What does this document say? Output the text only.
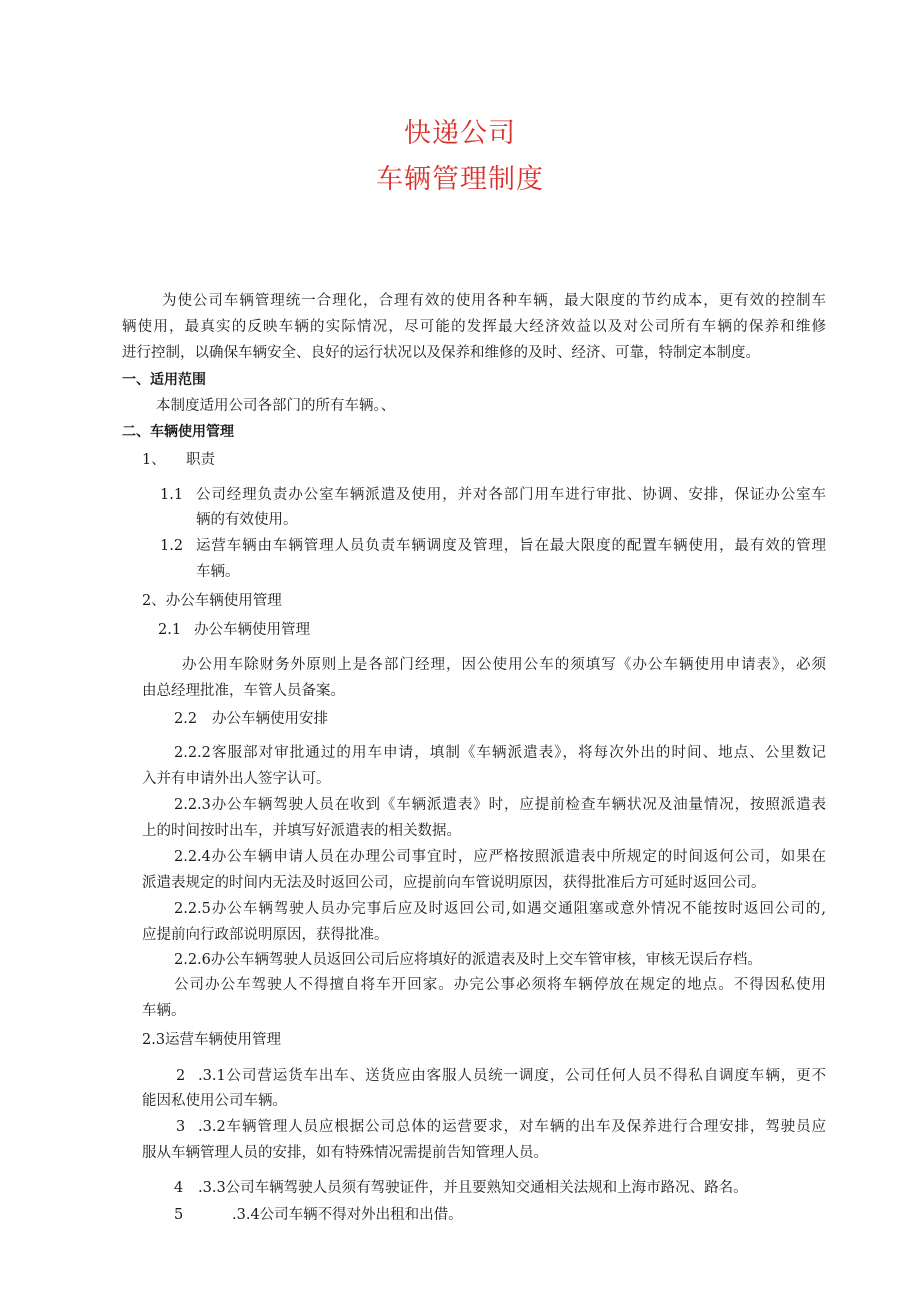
快递公司
车辆管理制度
为使公司车辆管理统一合理化，合理有效的使用各种车辆，最大限度的节约成本，更有效的控制车
辆使用，最真实的反映车辆的实际情况，尽可能的发挥最大经济效益以及对公司所有车辆的保养和维修
进行控制，以确保车辆安全、良好的运行状况以及保养和维修的及时、经济、可靠，特制定本制度。
一、适用范围
本制度适用公司各部门的所有车辆。、
二、车辆使用管理
1、 职责
1.1 公司经理负责办公室车辆派遣及使用，并对各部门用车进行审批、协调、安排，保证办公室车
辆的有效使用。
1.2 运营车辆由车辆管理人员负责车辆调度及管理，旨在最大限度的配置车辆使用，最有效的管理
车辆。
2、办公车辆使用管理
2.1 办公车辆使用管理
办公用车除财务外原则上是各部门经理，因公使用公车的须填写《办公车辆使用申请表》，必须
由总经理批准，车管人员备案。
2.2 办公车辆使用安排
2.2.2客服部对审批通过的用车申请，填制《车辆派遣表》，将每次外出的时间、地点、公里数记
入并有申请外出人签字认可。
2.2.3办公车辆驾驶人员在收到《车辆派遣表》时，应提前检查车辆状况及油量情况，按照派遣表
上的时间按时出车，并填写好派遣表的相关数据。
2.2.4办公车辆申请人员在办理公司事宜时，应严格按照派遣表中所规定的时间返何公司，如果在
派遣表规定的时间内无法及时返回公司，应提前向车管说明原因，获得批准后方可延时返回公司。
2.2.5办公车辆驾驶人员办完事后应及时返回公司,如遇交通阻塞或意外情况不能按时返回公司的,
应提前向行政部说明原因，获得批准。
2.2.6办公车辆驾驶人员返回公司后应将填好的派遣表及时上交车管审核，审核无误后存档。
公司办公车驾驶人不得擅自将车开回家。办完公事必须将车辆停放在规定的地点。不得因私使用
车辆。
2.3运营车辆使用管理
2 .3.1公司营运货车出车、送货应由客服人员统一调度，公司任何人员不得私自调度车辆，更不
能因私使用公司车辆。
3 .3.2车辆管理人员应根据公司总体的运营要求，对车辆的出车及保养进行合理安排，驾驶员应
服从车辆管理人员的安排，如有特殊情况需提前告知管理人员。
4 .3.3公司车辆驾驶人员须有驾驶证件，并且要熟知交通相关法规和上海市路况、路名。
5	.3.4公司车辆不得对外出租和出借。
